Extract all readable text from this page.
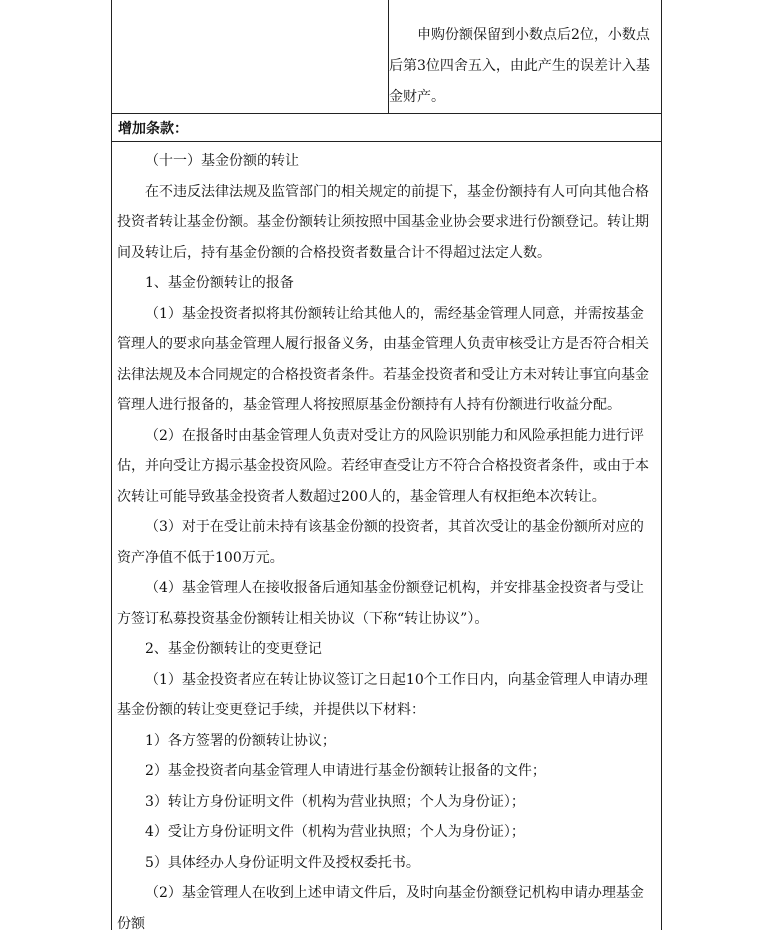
申购份额保留到小数点后2位，小数点后第3位四舍五入，由此产生的误差计入基金财产。

增加条款：

（十一）基金份额的转让

在不违反法律法规及监管部门的相关规定的前提下，基金份额持有人可向其他合格投资者转让基金份额。基金份额转让须按照中国基金业协会要求进行份额登记。转让期间及转让后，持有基金份额的合格投资者数量合计不得超过法定人数。

1、基金份额转让的报备

（1）基金投资者拟将其份额转让给其他人的，需经基金管理人同意，并需按基金管理人的要求向基金管理人履行报备义务，由基金管理人负责审核受让方是否符合相关法律法规及本合同规定的合格投资者条件。若基金投资者和受让方未对转让事宜向基金管理人进行报备的，基金管理人将按照原基金份额持有人持有份额进行收益分配。

（2）在报备时由基金管理人负责对受让方的风险识别能力和风险承担能力进行评估，并向受让方揭示基金投资风险。若经审查受让方不符合合格投资者条件，或由于本次转让可能导致基金投资者人数超过200人的，基金管理人有权拒绝本次转让。

（3）对于在受让前未持有该基金份额的投资者，其首次受让的基金份额所对应的资产净值不低于100万元。

（4）基金管理人在接收报备后通知基金份额登记机构，并安排基金投资者与受让方签订私募投资基金份额转让相关协议（下称“转让协议”）。

2、基金份额转让的变更登记

（1）基金投资者应在转让协议签订之日起10个工作日内，向基金管理人申请办理基金份额的转让变更登记手续，并提供以下材料：

1）各方签署的份额转让协议；

2）基金投资者向基金管理人申请进行基金份额转让报备的文件；

3）转让方身份证明文件（机构为营业执照；个人为身份证）；

4）受让方身份证明文件（机构为营业执照；个人为身份证）；

5）具体经办人身份证明文件及授权委托书。

（2）基金管理人在收到上述申请文件后，及时向基金份额登记机构申请办理基金份额
